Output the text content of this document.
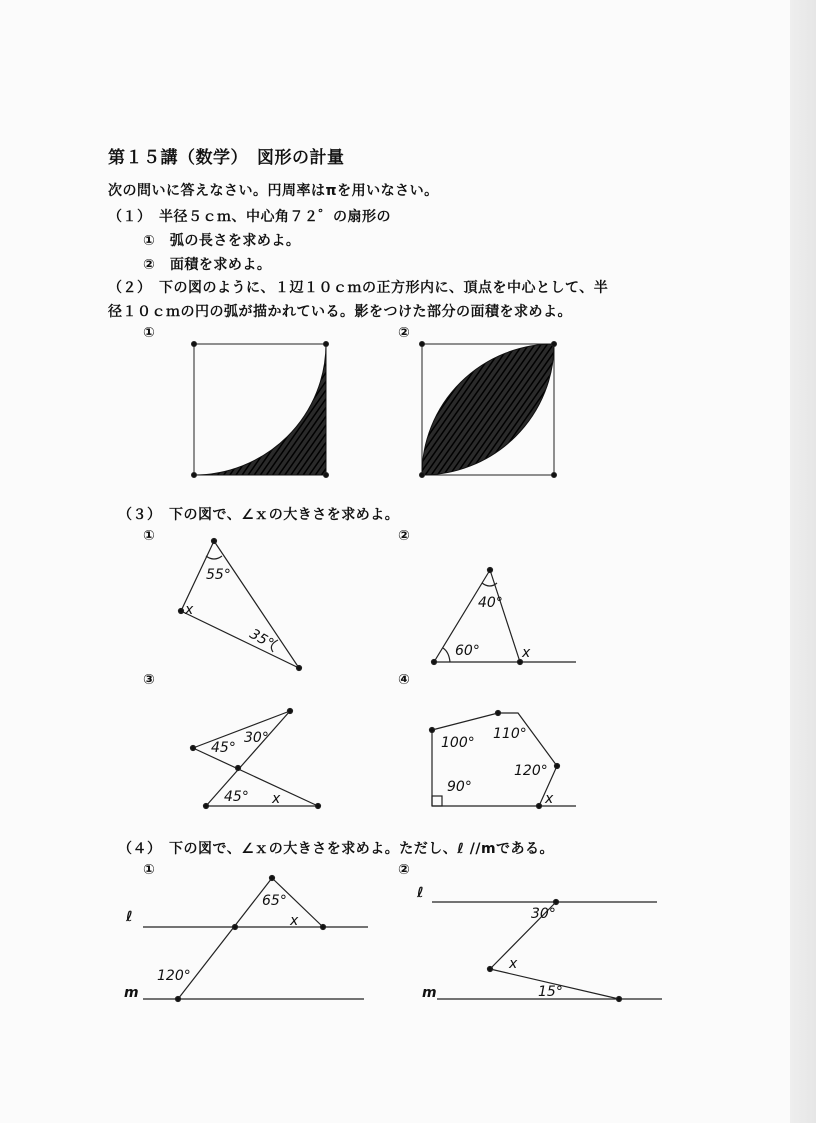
第１５講（数学）　図形の計量
次の問いに答えなさい。円周率はπを用いなさい。
（１）　半径５ｃｍ、中心角７２゜の扇形の
①　弧の長さを求めよ。
②　面積を求めよ。
（２）　下の図のように、１辺１０ｃｍの正方形内に、頂点を中心として、半
径１０ｃｍの円の弧が描かれている。影をつけた部分の面積を求めよ。
①	②
（３）　下の図で、∠ｘの大きさを求めよ。
①	②
③	④
（４）　下の図で、∠ｘの大きさを求めよ。ただし、ℓ //mである。
①	②
55°
35°
x	40°
60°	x
45°
30°
45° x
100°
110°
120°
90°
x
ℓ
m
65°
120°
x
ℓ
m
30°
15°
x
